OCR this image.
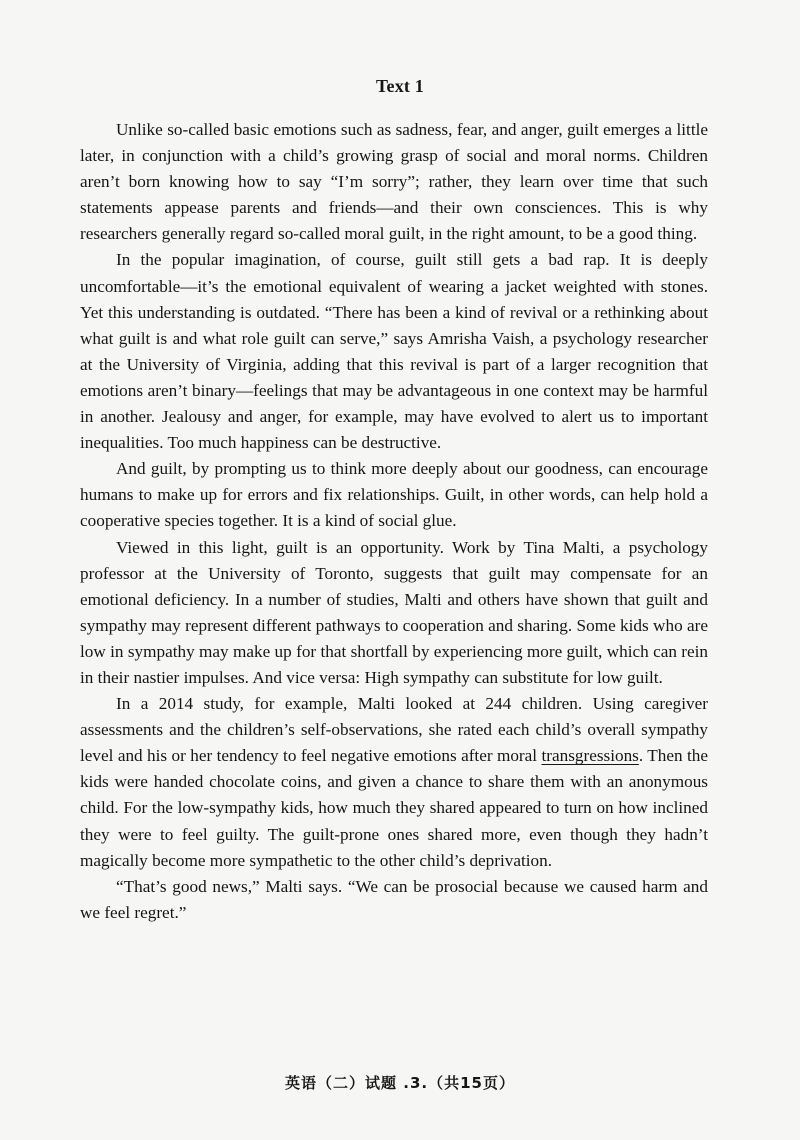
Text 1

Unlike so-called basic emotions such as sadness, fear, and anger, guilt emerges a little later, in conjunction with a child’s growing grasp of social and moral norms. Children aren’t born knowing how to say “I’m sorry”; rather, they learn over time that such statements appease parents and friends—and their own consciences. This is why researchers generally regard so-called moral guilt, in the right amount, to be a good thing.

In the popular imagination, of course, guilt still gets a bad rap. It is deeply uncomfortable—it’s the emotional equivalent of wearing a jacket weighted with stones. Yet this understanding is outdated. “There has been a kind of revival or a rethinking about what guilt is and what role guilt can serve,” says Amrisha Vaish, a psychology researcher at the University of Virginia, adding that this revival is part of a larger recognition that emotions aren’t binary—feelings that may be advantageous in one context may be harmful in another. Jealousy and anger, for example, may have evolved to alert us to important inequalities. Too much happiness can be destructive.

And guilt, by prompting us to think more deeply about our goodness, can encourage humans to make up for errors and fix relationships. Guilt, in other words, can help hold a cooperative species together. It is a kind of social glue.

Viewed in this light, guilt is an opportunity. Work by Tina Malti, a psychology professor at the University of Toronto, suggests that guilt may compensate for an emotional deficiency. In a number of studies, Malti and others have shown that guilt and sympathy may represent different pathways to cooperation and sharing. Some kids who are low in sympathy may make up for that shortfall by experiencing more guilt, which can rein in their nastier impulses. And vice versa: High sympathy can substitute for low guilt.

In a 2014 study, for example, Malti looked at 244 children. Using caregiver assessments and the children’s self-observations, she rated each child’s overall sympathy level and his or her tendency to feel negative emotions after moral transgressions. Then the kids were handed chocolate coins, and given a chance to share them with an anonymous child. For the low-sympathy kids, how much they shared appeared to turn on how inclined they were to feel guilty. The guilt-prone ones shared more, even though they hadn’t magically become more sympathetic to the other child’s deprivation.

“That’s good news,” Malti says. “We can be prosocial because we caused harm and we feel regret.”

英语（二）试题 .3.（共15页）
